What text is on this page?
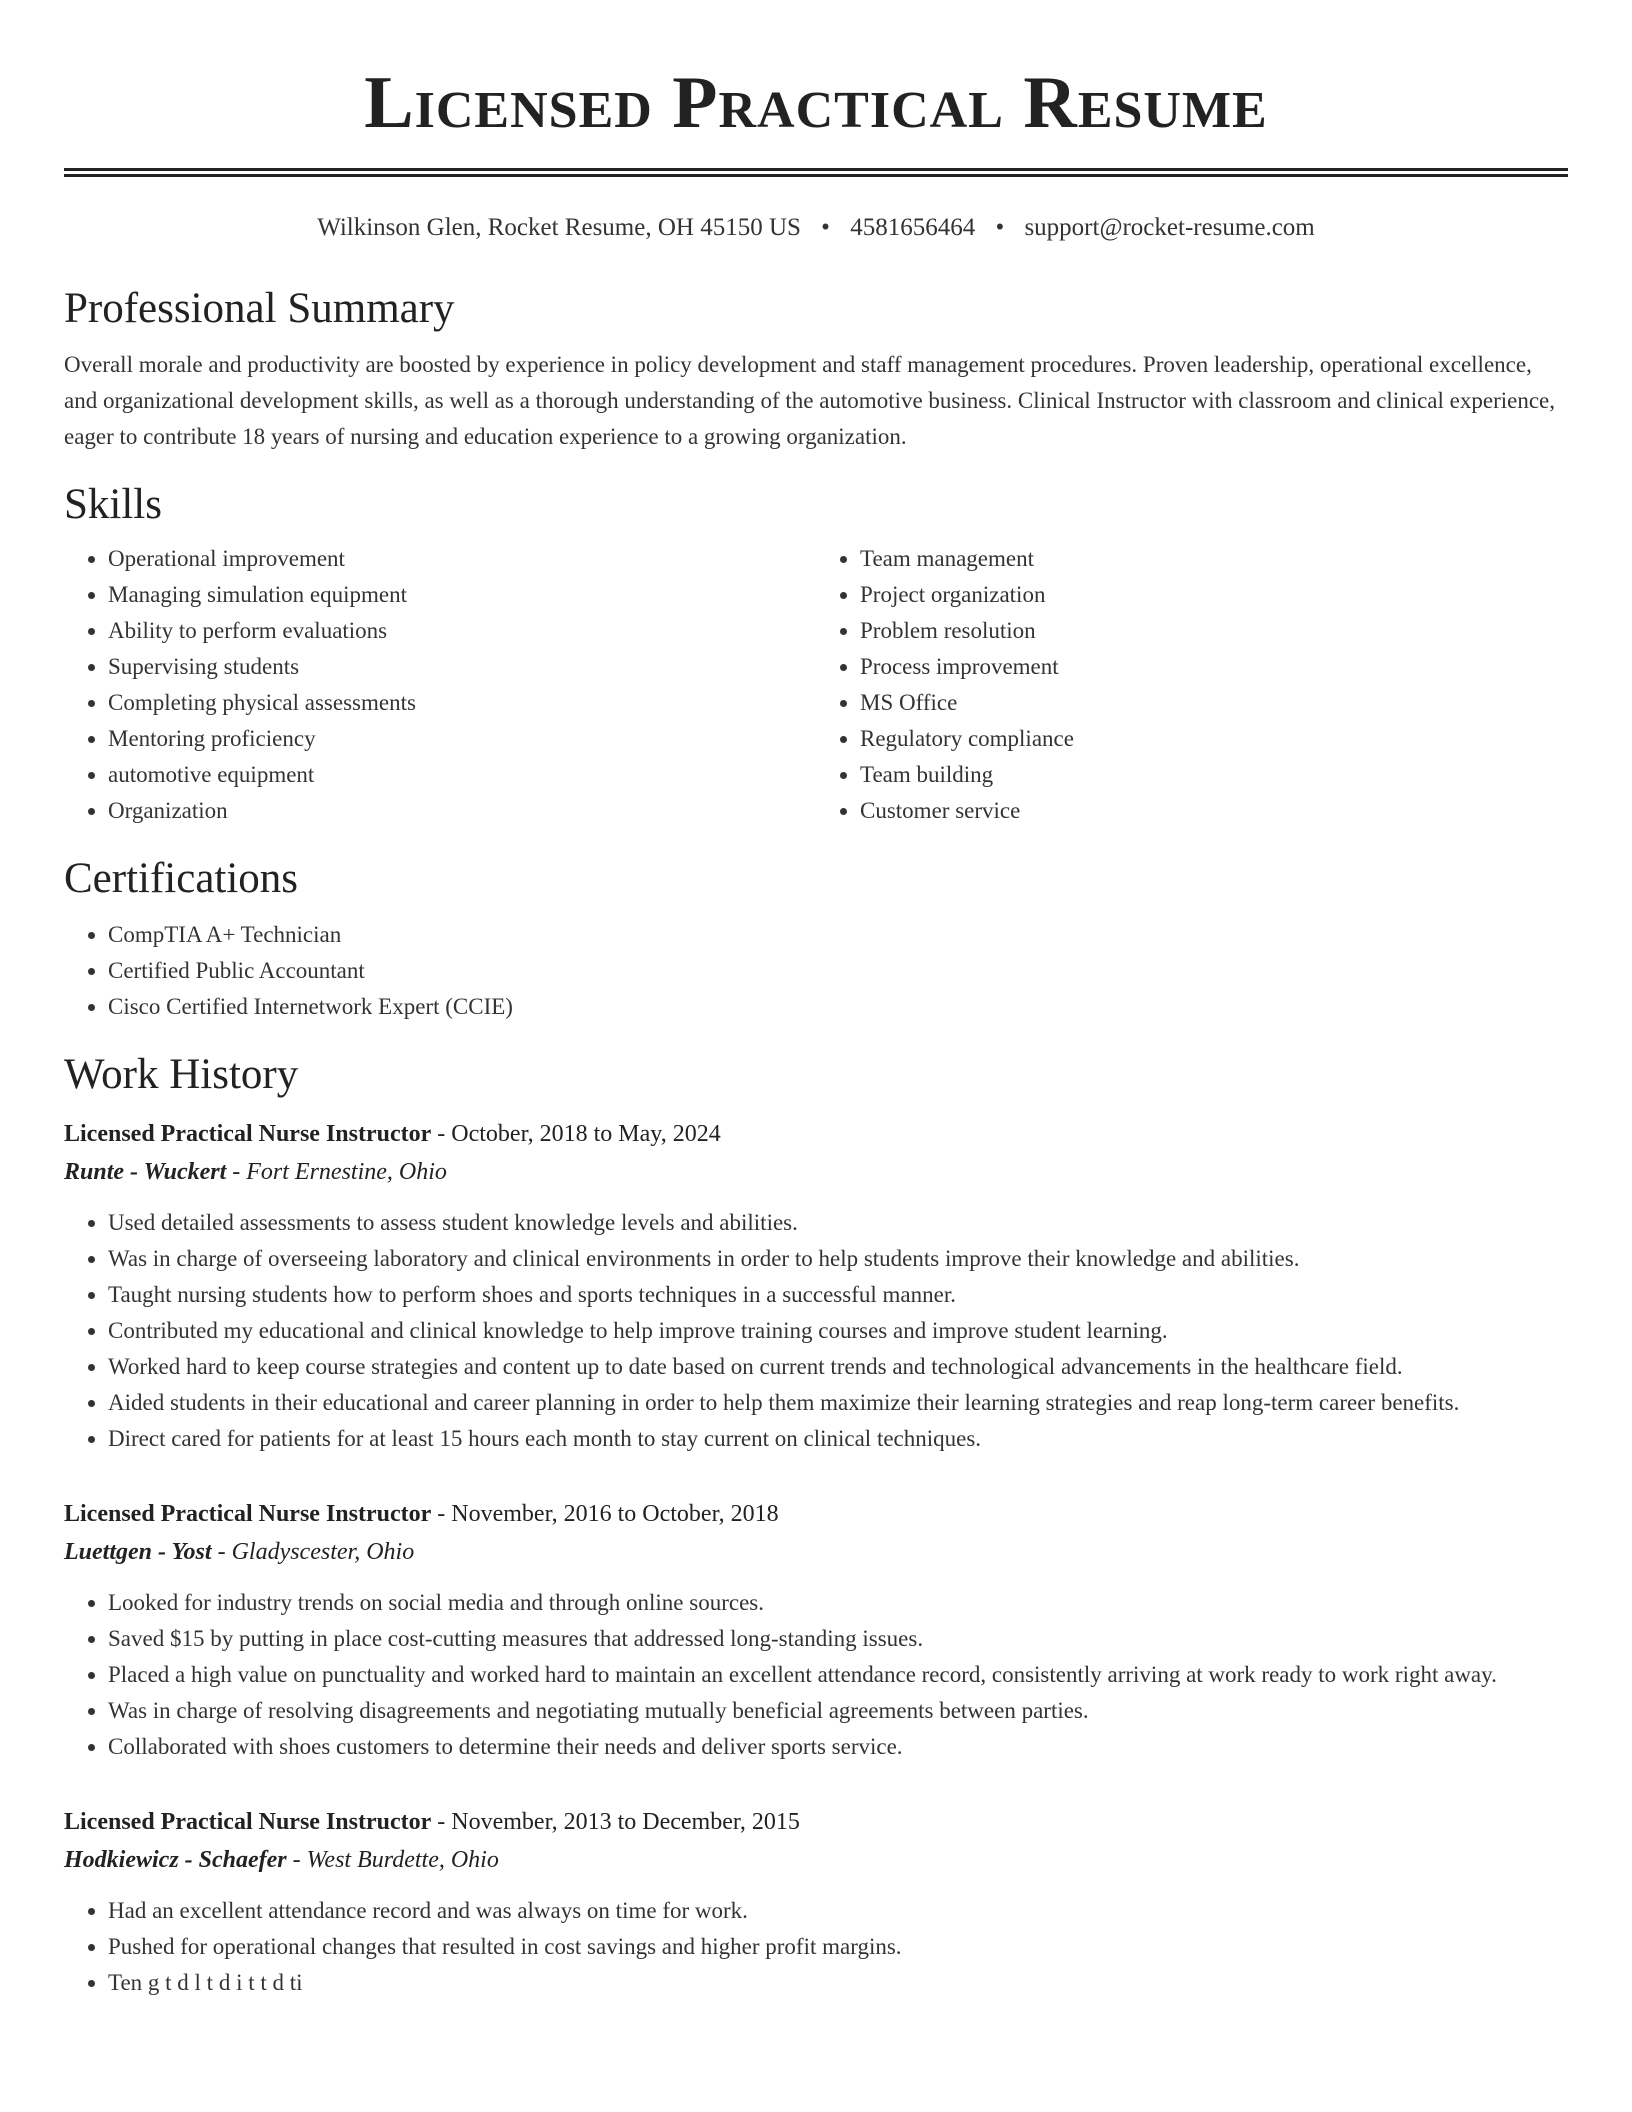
Licensed Practical Resume
Wilkinson Glen, Rocket Resume, OH 45150 US • 4581656464 • support@rocket-resume.com
Professional Summary

Overall morale and productivity are boosted by experience in policy development and staff management procedures. Proven leadership, operational excellence, and organizational development skills, as well as a thorough understanding of the automotive business. Clinical Instructor with classroom and clinical experience, eager to contribute 18 years of nursing and education experience to a growing organization.

Skills
• Operational improvement
• Managing simulation equipment
• Ability to perform evaluations
• Supervising students
• Completing physical assessments
• Mentoring proficiency
• automotive equipment
• Organization
• Team management
• Project organization
• Problem resolution
• Process improvement
• MS Office
• Regulatory compliance
• Team building
• Customer service
Certifications
• CompTIA A+ Technician
• Certified Public Accountant
• Cisco Certified Internetwork Expert (CCIE)
Work History
Licensed Practical Nurse Instructor - October, 2018 to May, 2024
Runte - Wuckert - Fort Ernestine, Ohio
• Used detailed assessments to assess student knowledge levels and abilities.
• Was in charge of overseeing laboratory and clinical environments in order to help students improve their knowledge and abilities.
• Taught nursing students how to perform shoes and sports techniques in a successful manner.
• Contributed my educational and clinical knowledge to help improve training courses and improve student learning.
• Worked hard to keep course strategies and content up to date based on current trends and technological advancements in the healthcare field.
• Aided students in their educational and career planning in order to help them maximize their learning strategies and reap long-term career benefits.
• Direct cared for patients for at least 15 hours each month to stay current on clinical techniques.
Licensed Practical Nurse Instructor - November, 2016 to October, 2018
Luettgen - Yost - Gladyscester, Ohio
• Looked for industry trends on social media and through online sources.
• Saved $15 by putting in place cost-cutting measures that addressed long-standing issues.
• Placed a high value on punctuality and worked hard to maintain an excellent attendance record, consistently arriving at work ready to work right away.
• Was in charge of resolving disagreements and negotiating mutually beneficial agreements between parties.
• Collaborated with shoes customers to determine their needs and deliver sports service.
Licensed Practical Nurse Instructor - November, 2013 to December, 2015
Hodkiewicz - Schaefer - West Burdette, Ohio
• Had an excellent attendance record and was always on time for work.
• Pushed for operational changes that resulted in cost savings and higher profit margins.
• Ten g t d l t d i t t d ti
